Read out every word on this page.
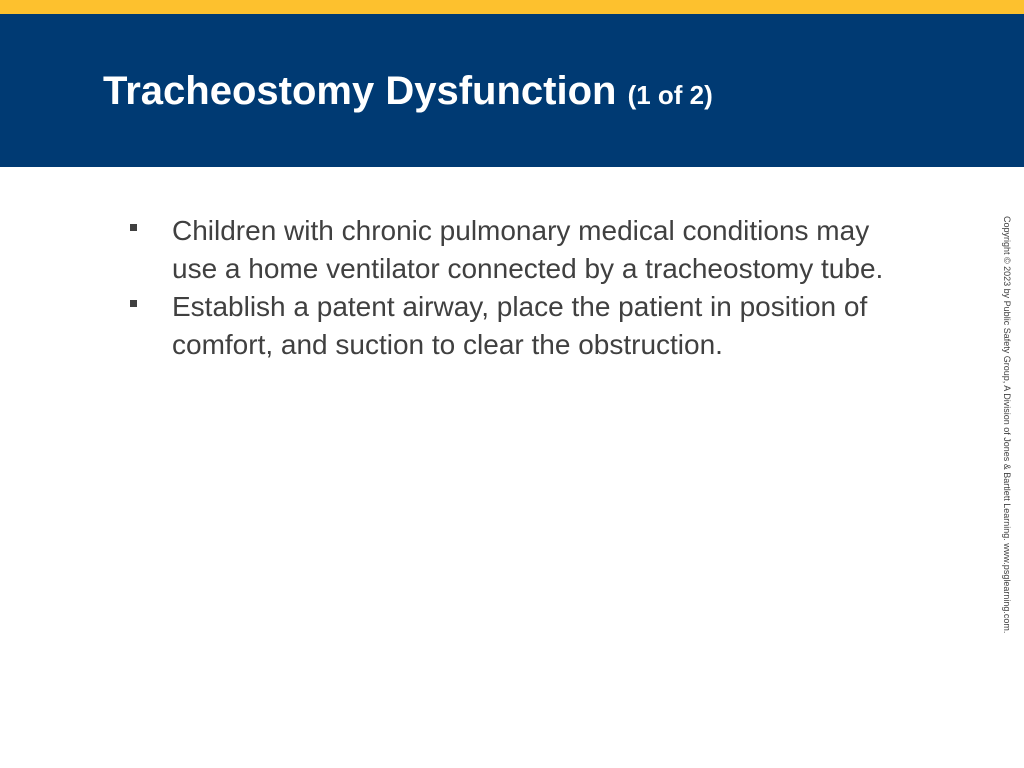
Tracheostomy Dysfunction (1 of 2)
Children with chronic pulmonary medical conditions may use a home ventilator connected by a tracheostomy tube.
Establish a patent airway, place the patient in position of comfort, and suction to clear the obstruction.	Copyright © 2023 by Public Safety Group, A Division of Jones & Bartlett Learning. www.psglearning.com.
